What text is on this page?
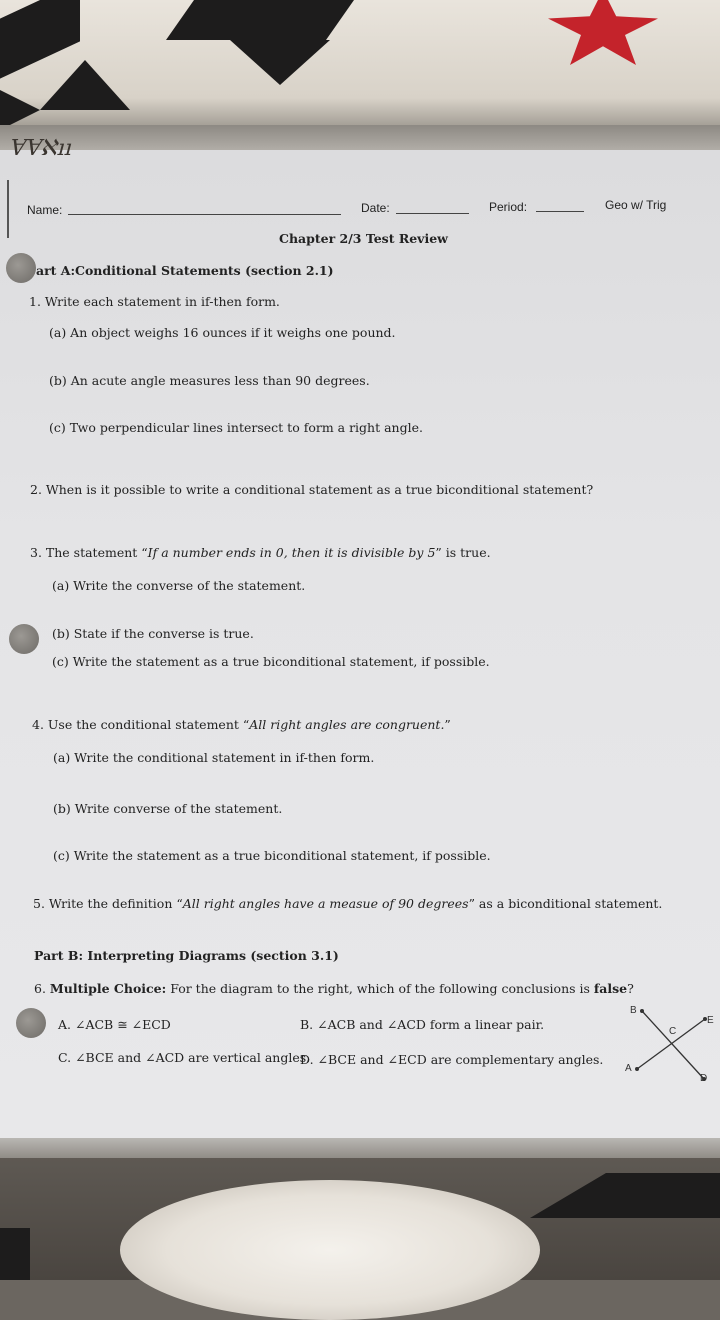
Name:	Date:	Period:	Geo w/ Trig
Chapter 2/3 Test Review
art A: Conditional Statements (section 2.1)
1. Write each statement in if-then form.
(a) An object weighs 16 ounces if it weighs one pound.
(b) An acute angle measures less than 90 degrees.
(c) Two perpendicular lines intersect to form a right angle.
2. When is it possible to write a conditional statement as a true biconditional statement?
3. The statement “If a number ends in 0, then it is divisible by 5” is true.
(a) Write the converse of the statement.
(b) State if the converse is true.
(c) Write the statement as a true biconditional statement, if possible.
4. Use the conditional statement “All right angles are congruent.”
(a) Write the conditional statement in if-then form.
(b) Write converse of the statement.
(c) Write the statement as a true biconditional statement, if possible.
5. Write the definition “All right angles have a measue of 90 degrees” as a biconditional statement.
Part B: Interpreting Diagrams (section 3.1)
6. Multiple Choice: For the diagram to the right, which of the following conclusions is false?
A. ∠ACB ≅ ∠ECD	B. ∠ACB and ∠ACD form a linear pair.
C. ∠BCE and ∠ACD are vertical angles.
D. ∠BCE and ∠ECD are complementary angles.
B
E
C
A
D
ⱯⱯℵıı
